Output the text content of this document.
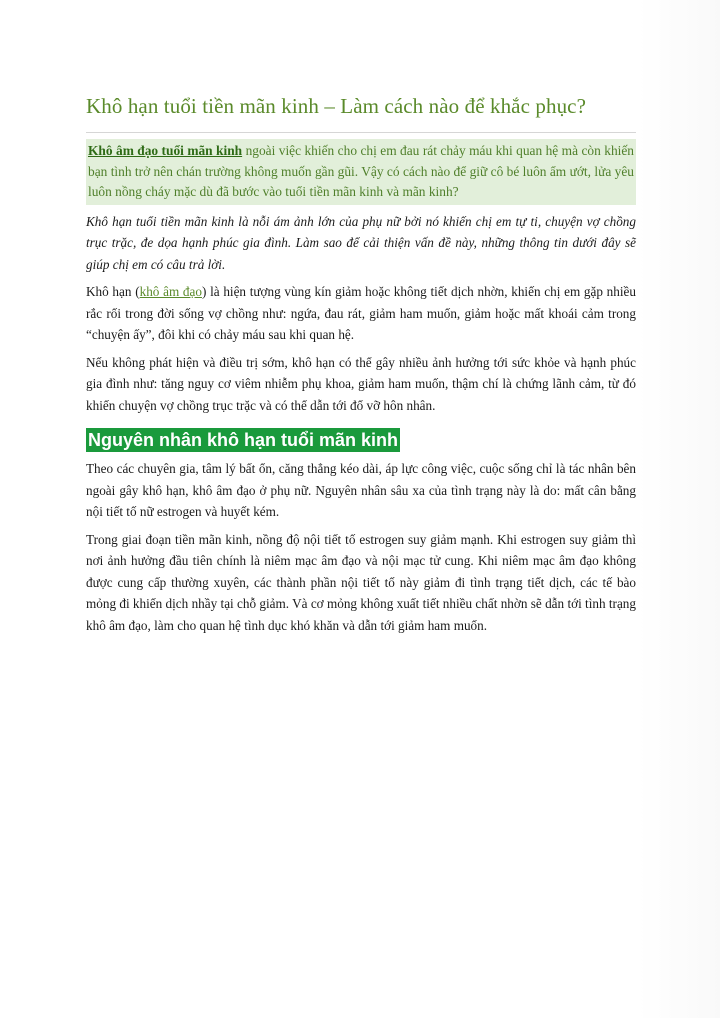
Khô hạn tuổi tiền mãn kinh – Làm cách nào để khắc phục?

Khô âm đạo tuổi mãn kinh ngoài việc khiến cho chị em đau rát chảy máu khi quan hệ mà còn khiến bạn tình trở nên chán trường không muốn gần gũi. Vậy có cách nào để giữ cô bé luôn ẩm ướt, lửa yêu luôn nồng cháy mặc dù đã bước vào tuổi tiền mãn kinh và mãn kinh?

Khô hạn tuổi tiền mãn kinh là nỗi ám ảnh lớn của phụ nữ bởi nó khiến chị em tự ti, chuyện vợ chồng trục trặc, đe dọa hạnh phúc gia đình. Làm sao để cải thiện vấn đề này, những thông tin dưới đây sẽ giúp chị em có câu trả lời.

Khô hạn (khô âm đạo) là hiện tượng vùng kín giảm hoặc không tiết dịch nhờn, khiến chị em gặp nhiều rắc rối trong đời sống vợ chồng như: ngứa, đau rát, giảm ham muốn, giảm hoặc mất khoái cảm trong “chuyện ấy”, đôi khi có chảy máu sau khi quan hệ.

Nếu không phát hiện và điều trị sớm, khô hạn có thể gây nhiều ảnh hưởng tới sức khỏe và hạnh phúc gia đình như: tăng nguy cơ viêm nhiễm phụ khoa, giảm ham muốn, thậm chí là chứng lãnh cảm, từ đó khiến chuyện vợ chồng trục trặc và có thể dẫn tới đổ vỡ hôn nhân.

Nguyên nhân khô hạn tuổi mãn kinh

Theo các chuyên gia, tâm lý bất ổn, căng thẳng kéo dài, áp lực công việc, cuộc sống chỉ là tác nhân bên ngoài gây khô hạn, khô âm đạo ở phụ nữ. Nguyên nhân sâu xa của tình trạng này là do: mất cân bằng nội tiết tố nữ estrogen và huyết kém.

Trong giai đoạn tiền mãn kinh, nồng độ nội tiết tố estrogen suy giảm mạnh. Khi estrogen suy giảm thì nơi ảnh hưởng đầu tiên chính là niêm mạc âm đạo và nội mạc tử cung. Khi niêm mạc âm đạo không được cung cấp thường xuyên, các thành phần nội tiết tố này giảm đi tình trạng tiết dịch, các tế bào mỏng đi khiến dịch nhầy tại chỗ giảm. Và cơ mỏng không xuất tiết nhiều chất nhờn sẽ dẫn tới tình trạng khô âm đạo, làm cho quan hệ tình dục khó khăn và dẫn tới giảm ham muốn.
